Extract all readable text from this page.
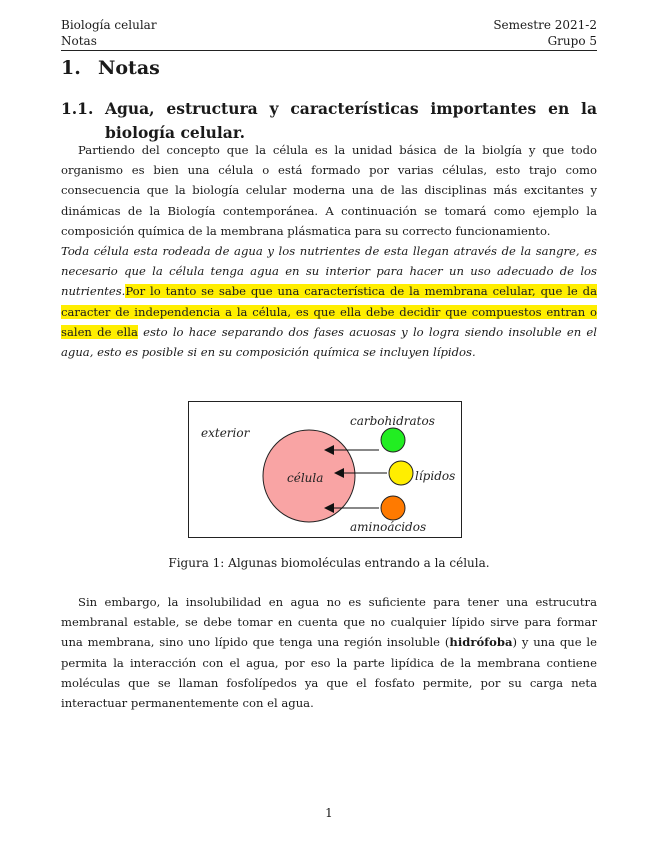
Biología celular	Semestre 2021-2
Notas	Grupo 5
1. Notas
1.1. Agua, estructura y características importantes en la biología celular.

Partiendo del concepto que la célula es la unidad básica de la biolgía y que todo organismo es bien una célula o está formado por varias células, esto trajo como consecuencia que la biología celular moderna una de las disciplinas más excitantes y dinámicas de la Biología contemporánea. A continuación se tomará como ejemplo la composición química de la membrana plásmatica para su correcto funcionamiento.

Toda célula esta rodeada de agua y los nutrientes de esta llegan através de la sangre, es necesario que la célula tenga agua en su interior para hacer un uso adecuado de los nutrientes.Por lo tanto se sabe que una característica de la membrana celular, que le da caracter de independencia a la célula, es que ella debe decidir que compuestos entran o salen de ella esto lo hace separando dos fases acuosas y lo logra siendo insoluble en el agua, esto es posible si en su composición química se incluyen lípidos.

exterior
célula
carbohidratos
lípidos
aminoácidos
Figura 1: Algunas biomoléculas entrando a la célula.

Sin embargo, la insolubilidad en agua no es suficiente para tener una estrucutra membranal estable, se debe tomar en cuenta que no cualquier lípido sirve para formar una membrana, sino uno lípido que tenga una región insoluble (hidrófoba) y una que le permita la interacción con el agua, por eso la parte lipídica de la membrana contiene moléculas que se llaman fosfolípedos ya que el fosfato permite, por su carga neta interactuar permanentemente con el agua.

1
